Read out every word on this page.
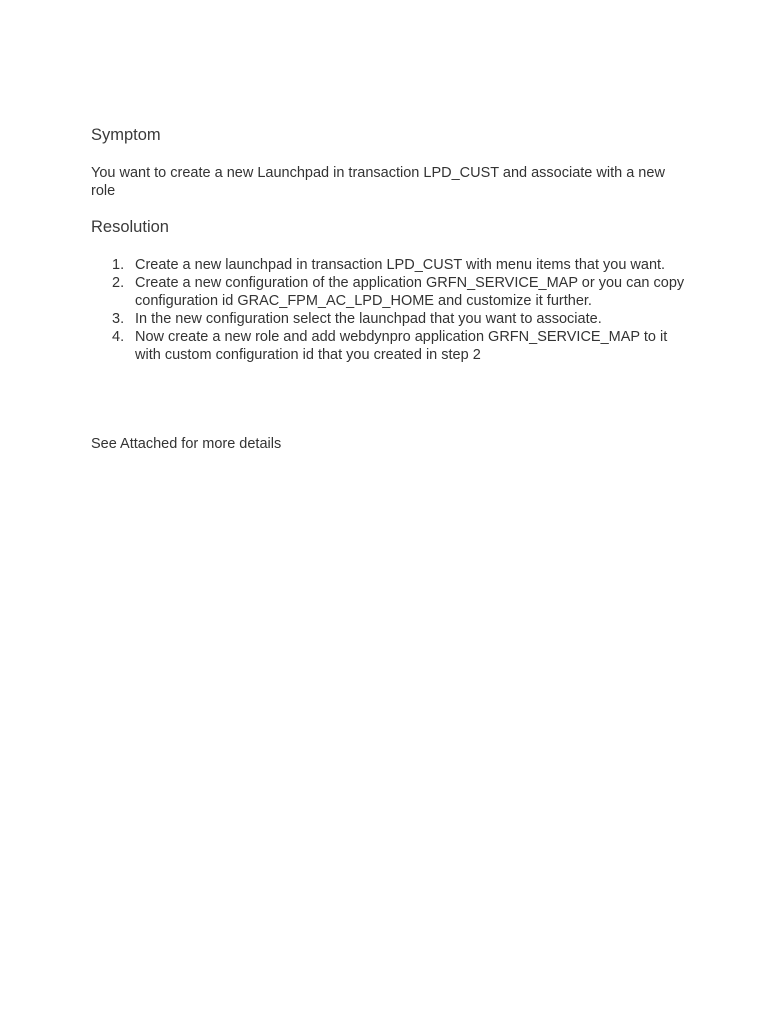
Symptom

You want to create a new Launchpad in transaction LPD_CUST and associate with a new role

Resolution
1. Create a new launchpad in transaction LPD_CUST with menu items that you want.
2. Create a new configuration of the application GRFN_SERVICE_MAP or you can copy configuration id GRAC_FPM_AC_LPD_HOME and customize it further.
3. In the new configuration select the launchpad that you want to associate.
4. Now create a new role and add webdynpro application GRFN_SERVICE_MAP to it with custom configuration id that you created in step 2

See Attached for more details
